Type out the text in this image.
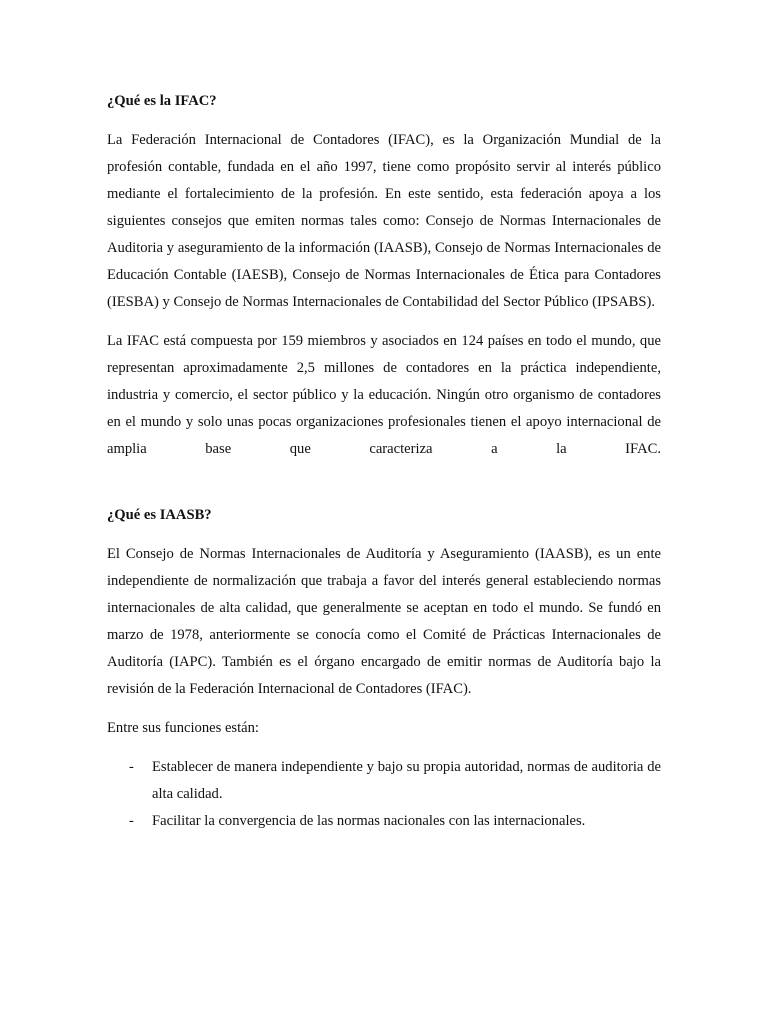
¿Qué es la IFAC?

La Federación Internacional de Contadores (IFAC), es la Organización Mundial de la profesión contable, fundada en el año 1997, tiene como propósito servir al interés público mediante el fortalecimiento de la profesión. En este sentido, esta federación apoya a los siguientes consejos que emiten normas tales como: Consejo de Normas Internacionales de Auditoria y aseguramiento de la información (IAASB), Consejo de Normas Internacionales de Educación Contable (IAESB), Consejo de Normas Internacionales de Ética para Contadores (IESBA) y Consejo de Normas Internacionales de Contabilidad del Sector Público (IPSABS).

La IFAC está compuesta por 159 miembros y asociados en 124 países en todo el mundo, que representan aproximadamente 2,5 millones de contadores en la práctica independiente, industria y comercio, el sector público y la educación. Ningún otro organismo de contadores en el mundo y solo unas pocas organizaciones profesionales tienen el apoyo internacional de amplia base que caracteriza a la IFAC.

¿Qué es IAASB?

El Consejo de Normas Internacionales de Auditoría y Aseguramiento (IAASB), es un ente independiente de normalización que trabaja a favor del interés general estableciendo normas internacionales de alta calidad, que generalmente se aceptan en todo el mundo. Se fundó en marzo de 1978, anteriormente se conocía como el Comité de Prácticas Internacionales de Auditoría (IAPC). También es el órgano encargado de emitir normas de Auditoría bajo la revisión de la Federación Internacional de Contadores (IFAC).

Entre sus funciones están:

- Establecer de manera independiente y bajo su propia autoridad, normas de auditoria de alta calidad.
- Facilitar la convergencia de las normas nacionales con las internacionales.
